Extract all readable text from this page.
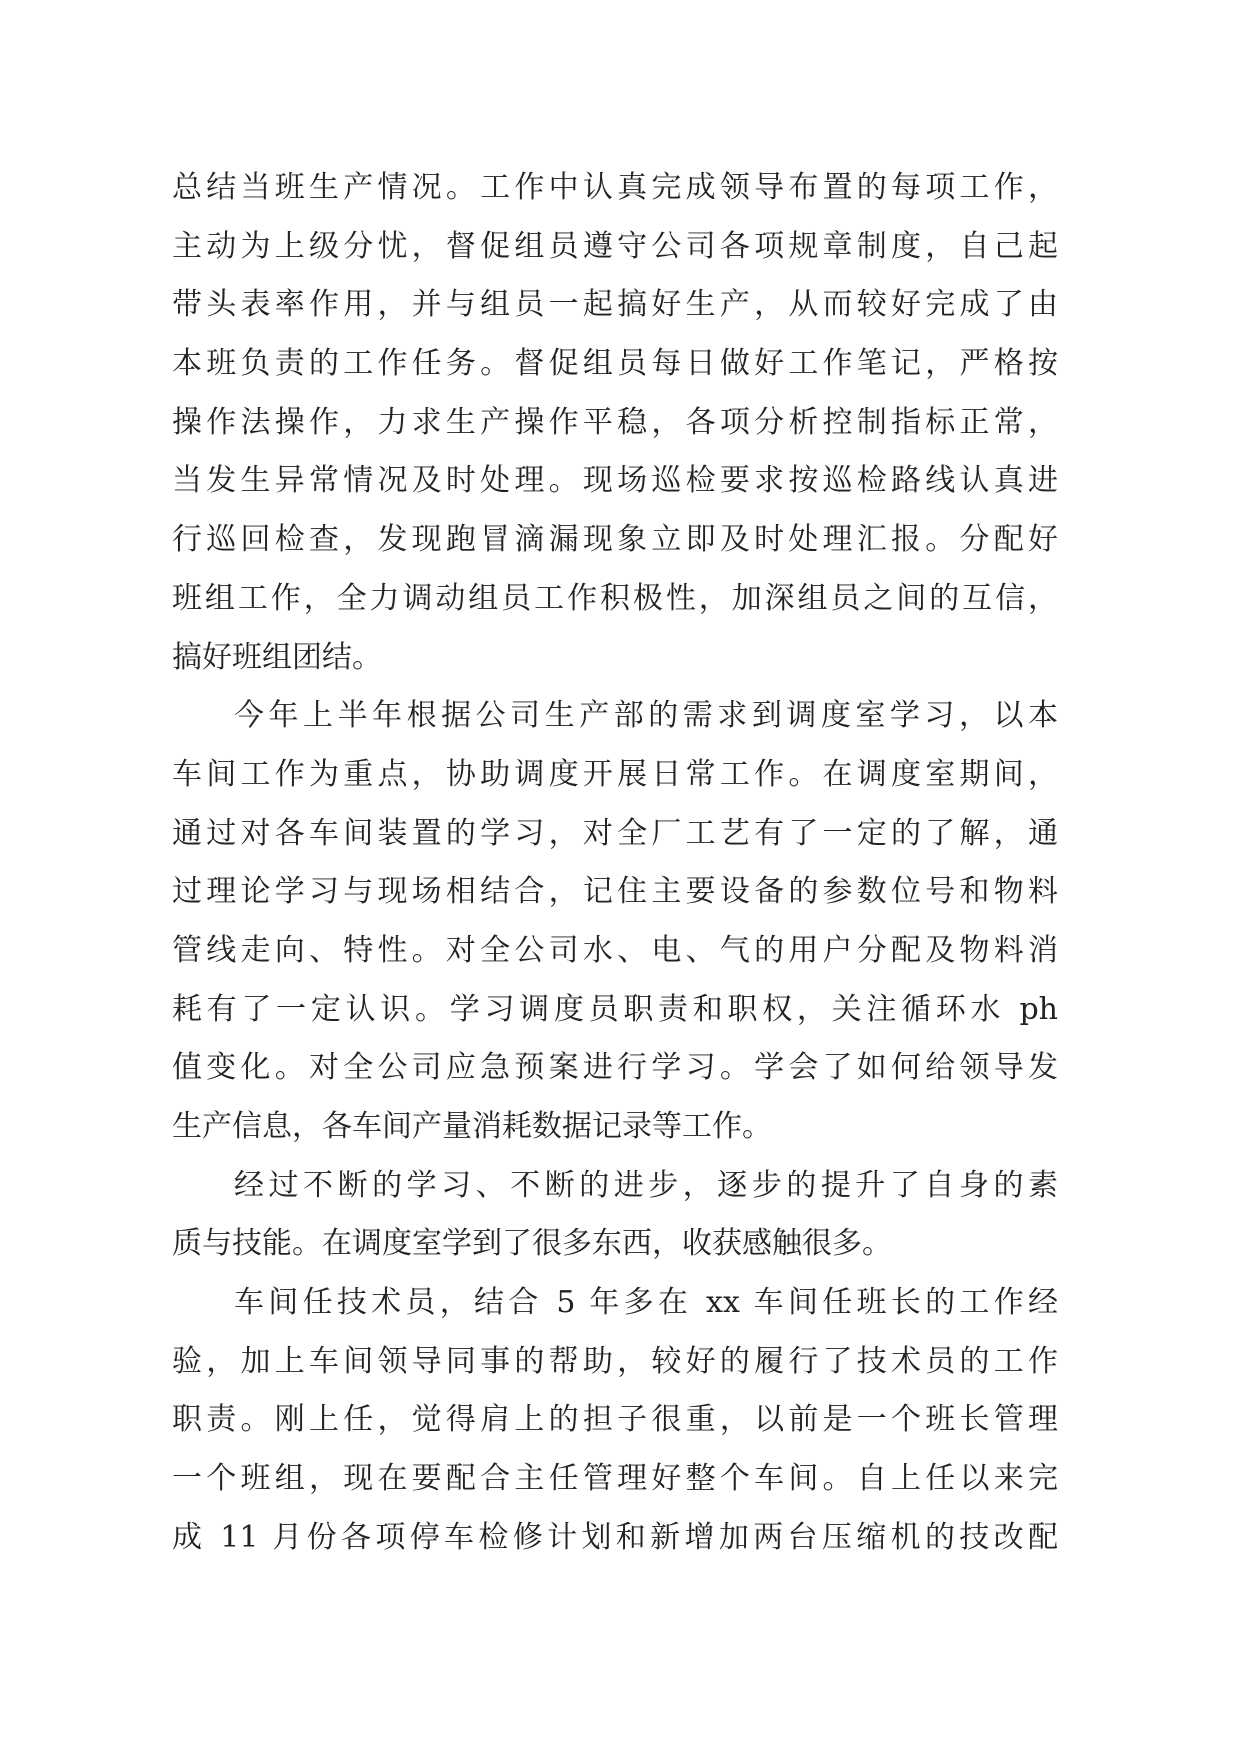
总结当班生产情况。工作中认真完成领导布置的每项工作，
主动为上级分忧，督促组员遵守公司各项规章制度，自己起
带头表率作用，并与组员一起搞好生产，从而较好完成了由
本班负责的工作任务。督促组员每日做好工作笔记，严格按
操作法操作，力求生产操作平稳，各项分析控制指标正常，
当发生异常情况及时处理。现场巡检要求按巡检路线认真进
行巡回检查，发现跑冒滴漏现象立即及时处理汇报。分配好
班组工作，全力调动组员工作积极性，加深组员之间的互信，
搞好班组团结。
今年上半年根据公司生产部的需求到调度室学习，以本
车间工作为重点，协助调度开展日常工作。在调度室期间，
通过对各车间装置的学习，对全厂工艺有了一定的了解，通
过理论学习与现场相结合，记住主要设备的参数位号和物料
管线走向、特性。对全公司水、电、气的用户分配及物料消
耗有了一定认识。学习调度员职责和职权，关注循环水 ph
值变化。对全公司应急预案进行学习。学会了如何给领导发
生产信息，各车间产量消耗数据记录等工作。
经过不断的学习、不断的进步，逐步的提升了自身的素
质与技能。在调度室学到了很多东西，收获感触很多。
车间任技术员，结合 5 年多在 xx 车间任班长的工作经
验，加上车间领导同事的帮助，较好的履行了技术员的工作
职责。刚上任，觉得肩上的担子很重，以前是一个班长管理
一个班组，现在要配合主任管理好整个车间。自上任以来完
成 11 月份各项停车检修计划和新增加两台压缩机的技改配
